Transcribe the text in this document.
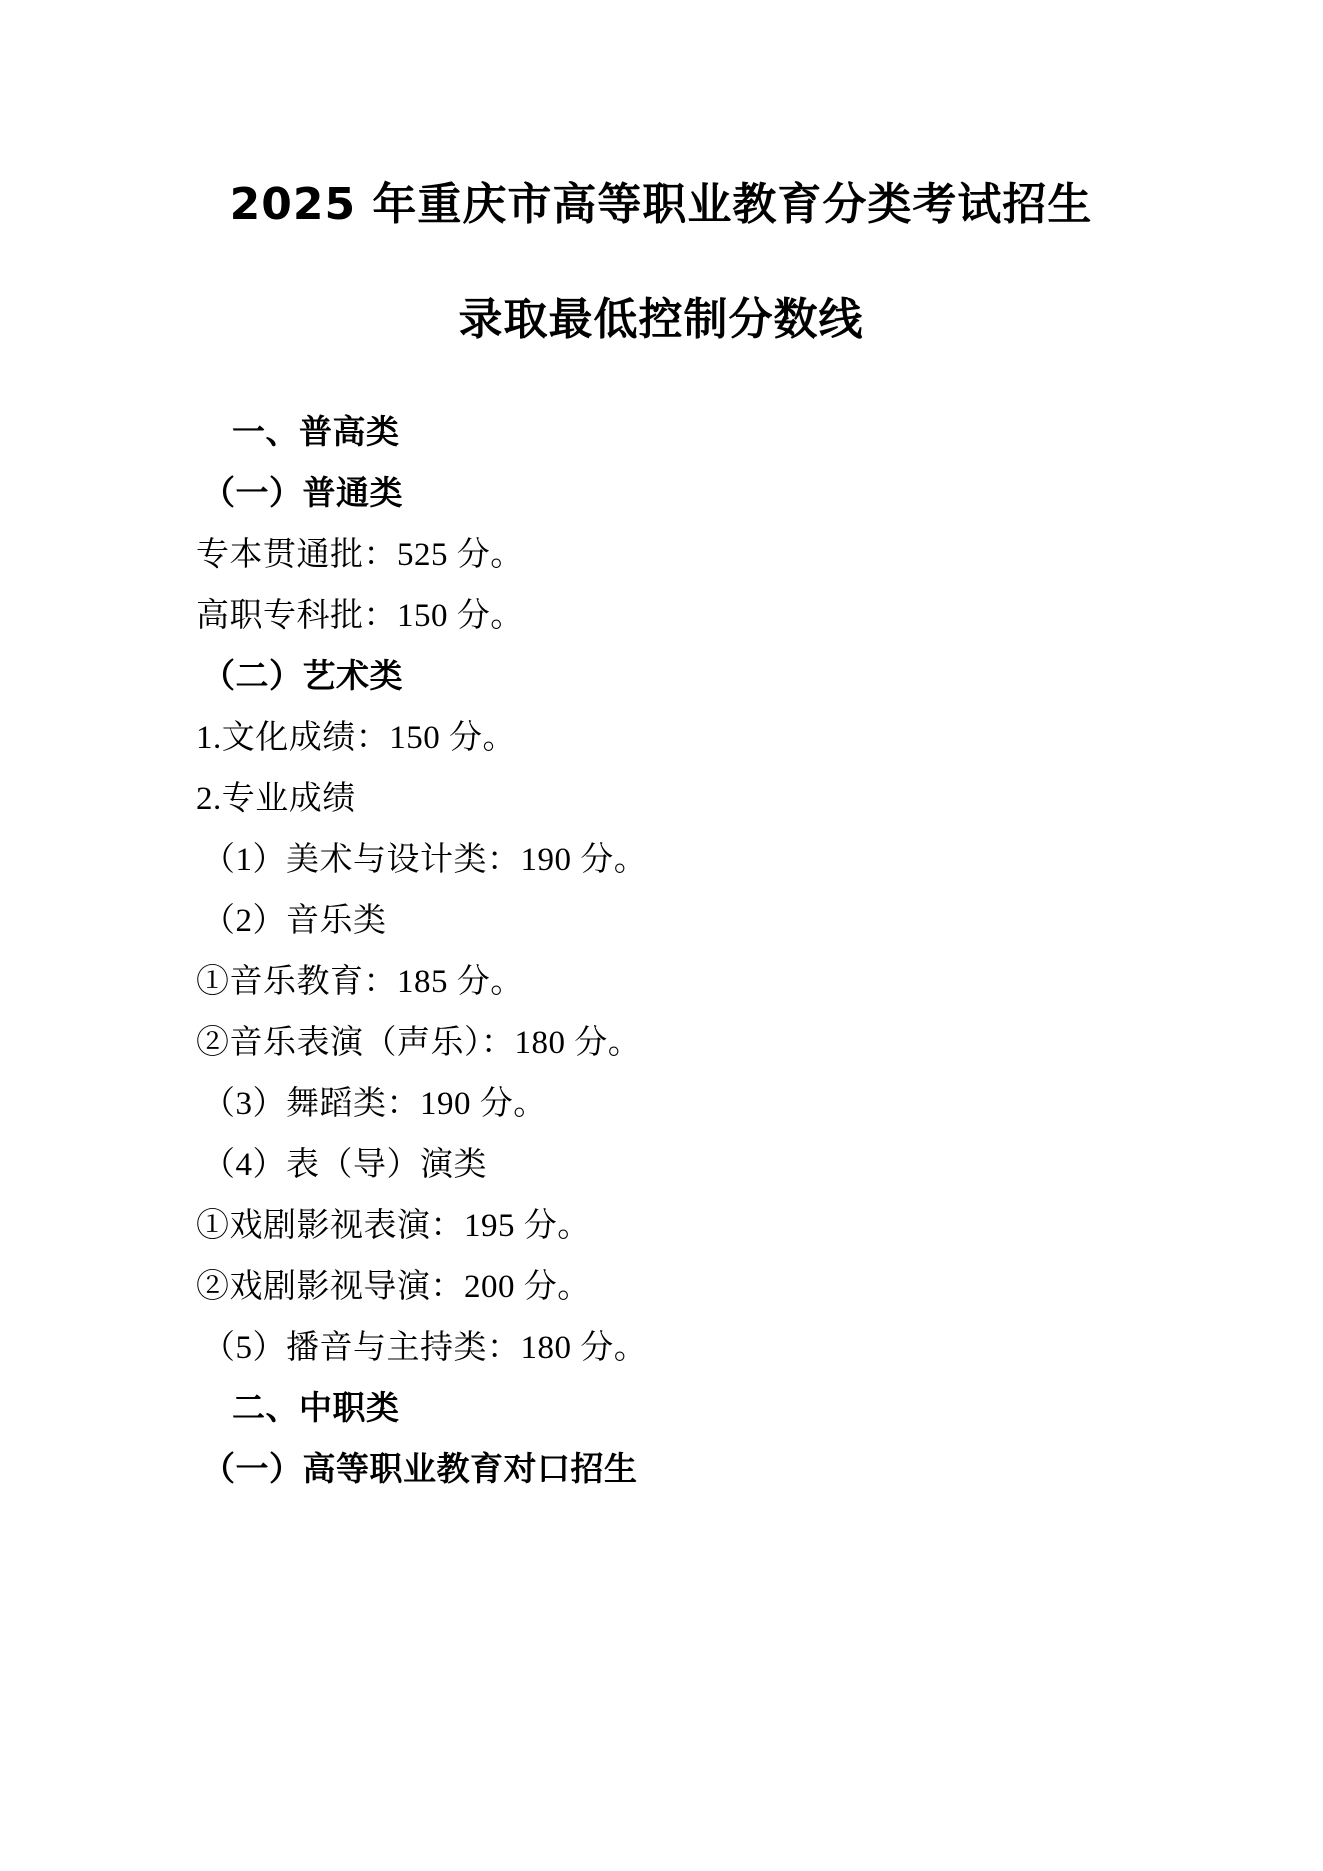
2025 年重庆市高等职业教育分类考试招生
录取最低控制分数线

一、普高类

（一）普通类

专本贯通批：525 分。

高职专科批：150 分。

（二）艺术类

1.文化成绩：150 分。

2.专业成绩

（1）美术与设计类：190 分。

（2）音乐类

①音乐教育：185 分。

②音乐表演（声乐）：180 分。

（3）舞蹈类：190 分。

（4）表（导）演类

①戏剧影视表演：195 分。

②戏剧影视导演：200 分。

（5）播音与主持类：180 分。

二、中职类

（一）高等职业教育对口招生
